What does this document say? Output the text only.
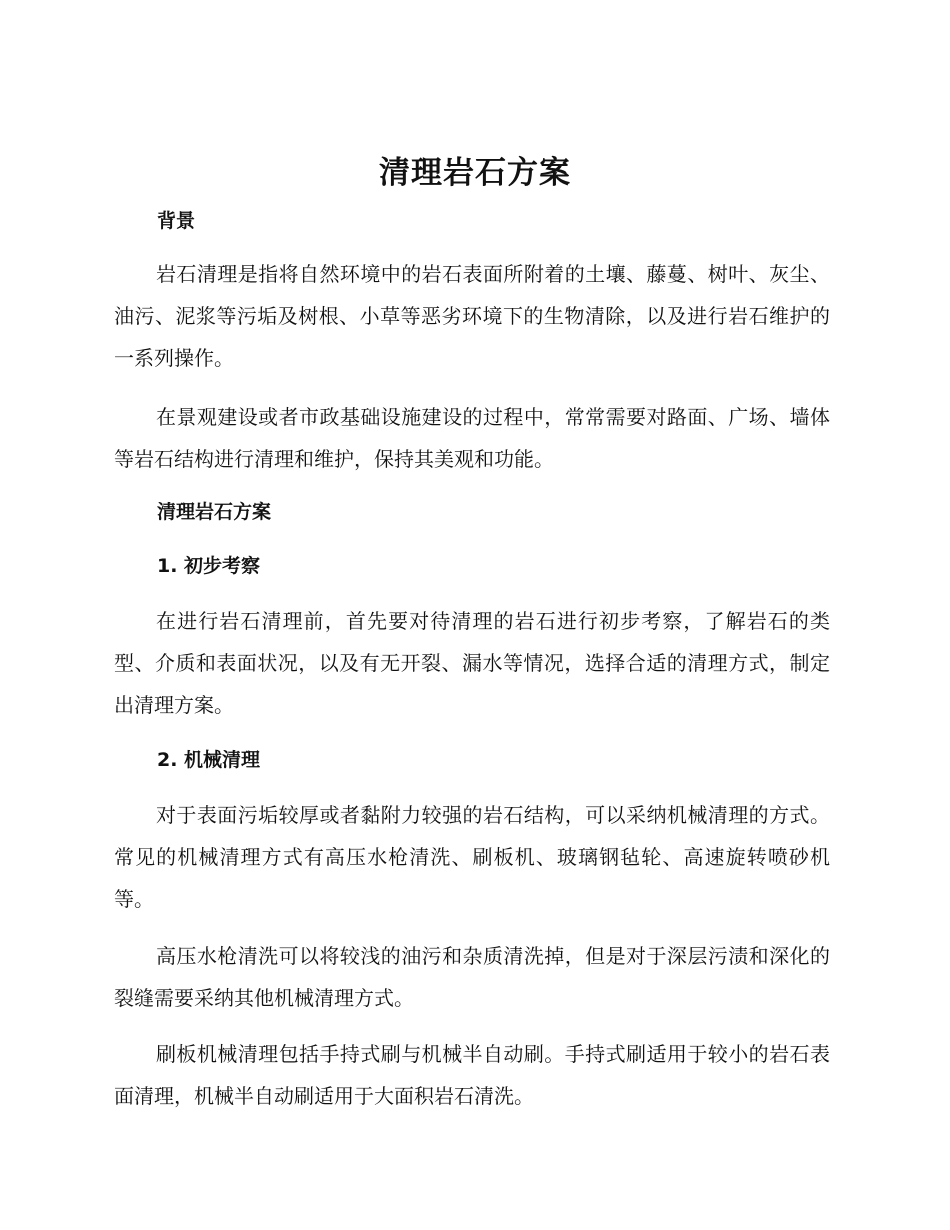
清理岩石方案
背景

岩石清理是指将自然环境中的岩石表面所附着的土壤、藤蔓、树叶、灰尘、油污、泥浆等污垢及树根、小草等恶劣环境下的生物清除，以及进行岩石维护的一系列操作。

在景观建设或者市政基础设施建设的过程中，常常需要对路面、广场、墙体等岩石结构进行清理和维护，保持其美观和功能。

清理岩石方案
1. 初步考察

在进行岩石清理前，首先要对待清理的岩石进行初步考察，了解岩石的类型、介质和表面状况，以及有无开裂、漏水等情况，选择合适的清理方式，制定出清理方案。

2. 机械清理

对于表面污垢较厚或者黏附力较强的岩石结构，可以采纳机械清理的方式。常见的机械清理方式有高压水枪清洗、刷板机、玻璃钢毡轮、高速旋转喷砂机等。

高压水枪清洗可以将较浅的油污和杂质清洗掉，但是对于深层污渍和深化的裂缝需要采纳其他机械清理方式。

刷板机械清理包括手持式刷与机械半自动刷。手持式刷适用于较小的岩石表面清理，机械半自动刷适用于大面积岩石清洗。
